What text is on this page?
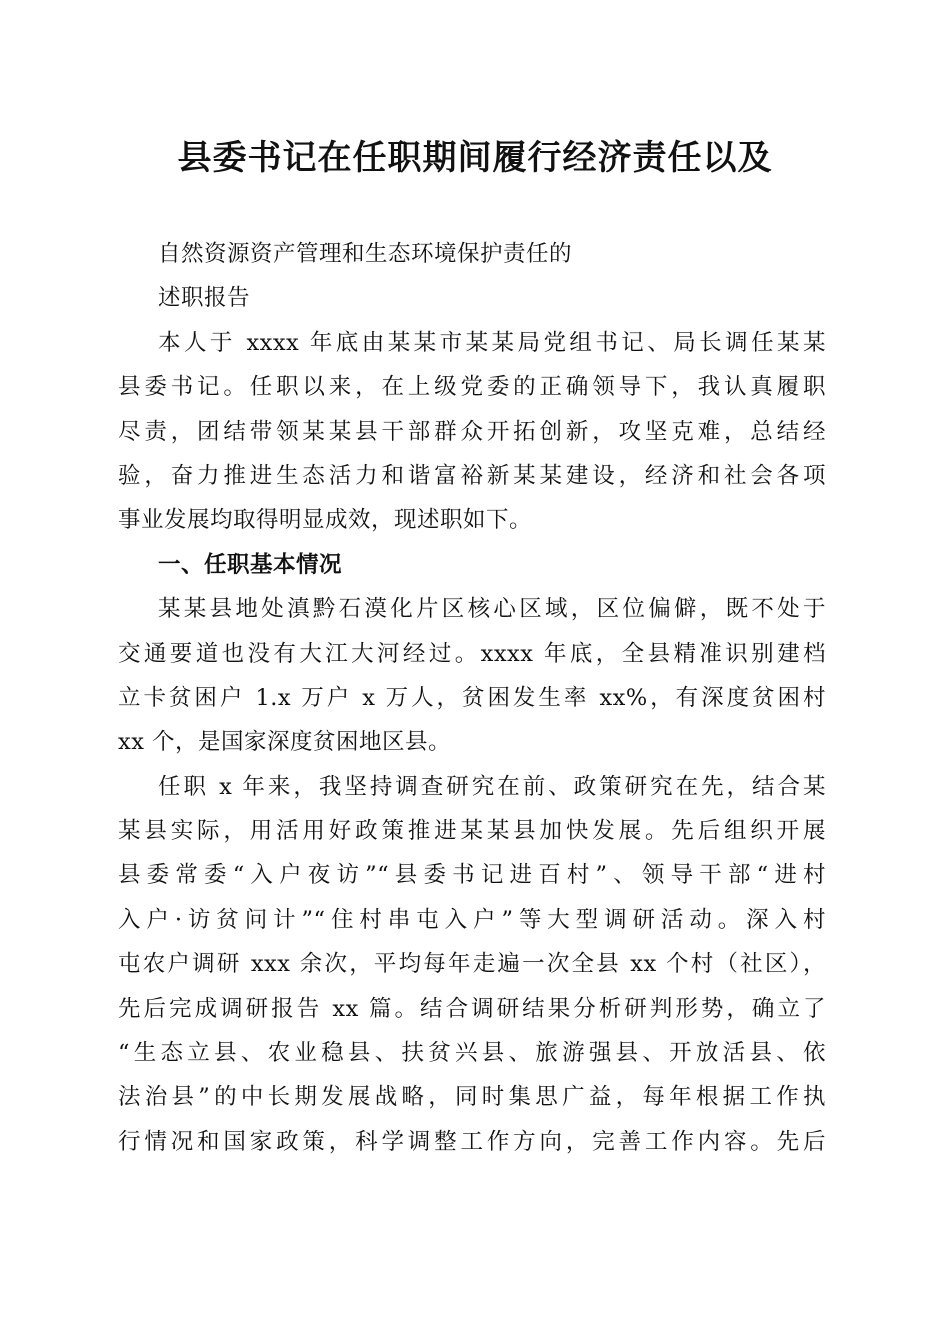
县委书记在任职期间履行经济责任以及
自然资源资产管理和生态环境保护责任的
述职报告
本人于 xxxx 年底由某某市某某局党组书记、局长调任某某
县委书记。任职以来，在上级党委的正确领导下，我认真履职
尽责，团结带领某某县干部群众开拓创新，攻坚克难，总结经
验，奋力推进生态活力和谐富裕新某某建设，经济和社会各项
事业发展均取得明显成效，现述职如下。
一、任职基本情况
某某县地处滇黔石漠化片区核心区域，区位偏僻，既不处于
交通要道也没有大江大河经过。xxxx 年底，全县精准识别建档
立卡贫困户 1.x 万户 x 万人，贫困发生率 xx%，有深度贫困村
xx 个，是国家深度贫困地区县。
任职 x 年来，我坚持调查研究在前、政策研究在先，结合某
某县实际，用活用好政策推进某某县加快发展。先后组织开展
县委常委“入户夜访”“县委书记进百村”、领导干部“进村
入户·访贫问计”“住村串屯入户”等大型调研活动。深入村
屯农户调研 xxx 余次，平均每年走遍一次全县 xx 个村（社区），
先后完成调研报告 xx 篇。结合调研结果分析研判形势，确立了
“生态立县、农业稳县、扶贫兴县、旅游强县、开放活县、依
法治县”的中长期发展战略，同时集思广益，每年根据工作执
行情况和国家政策，科学调整工作方向，完善工作内容。先后
